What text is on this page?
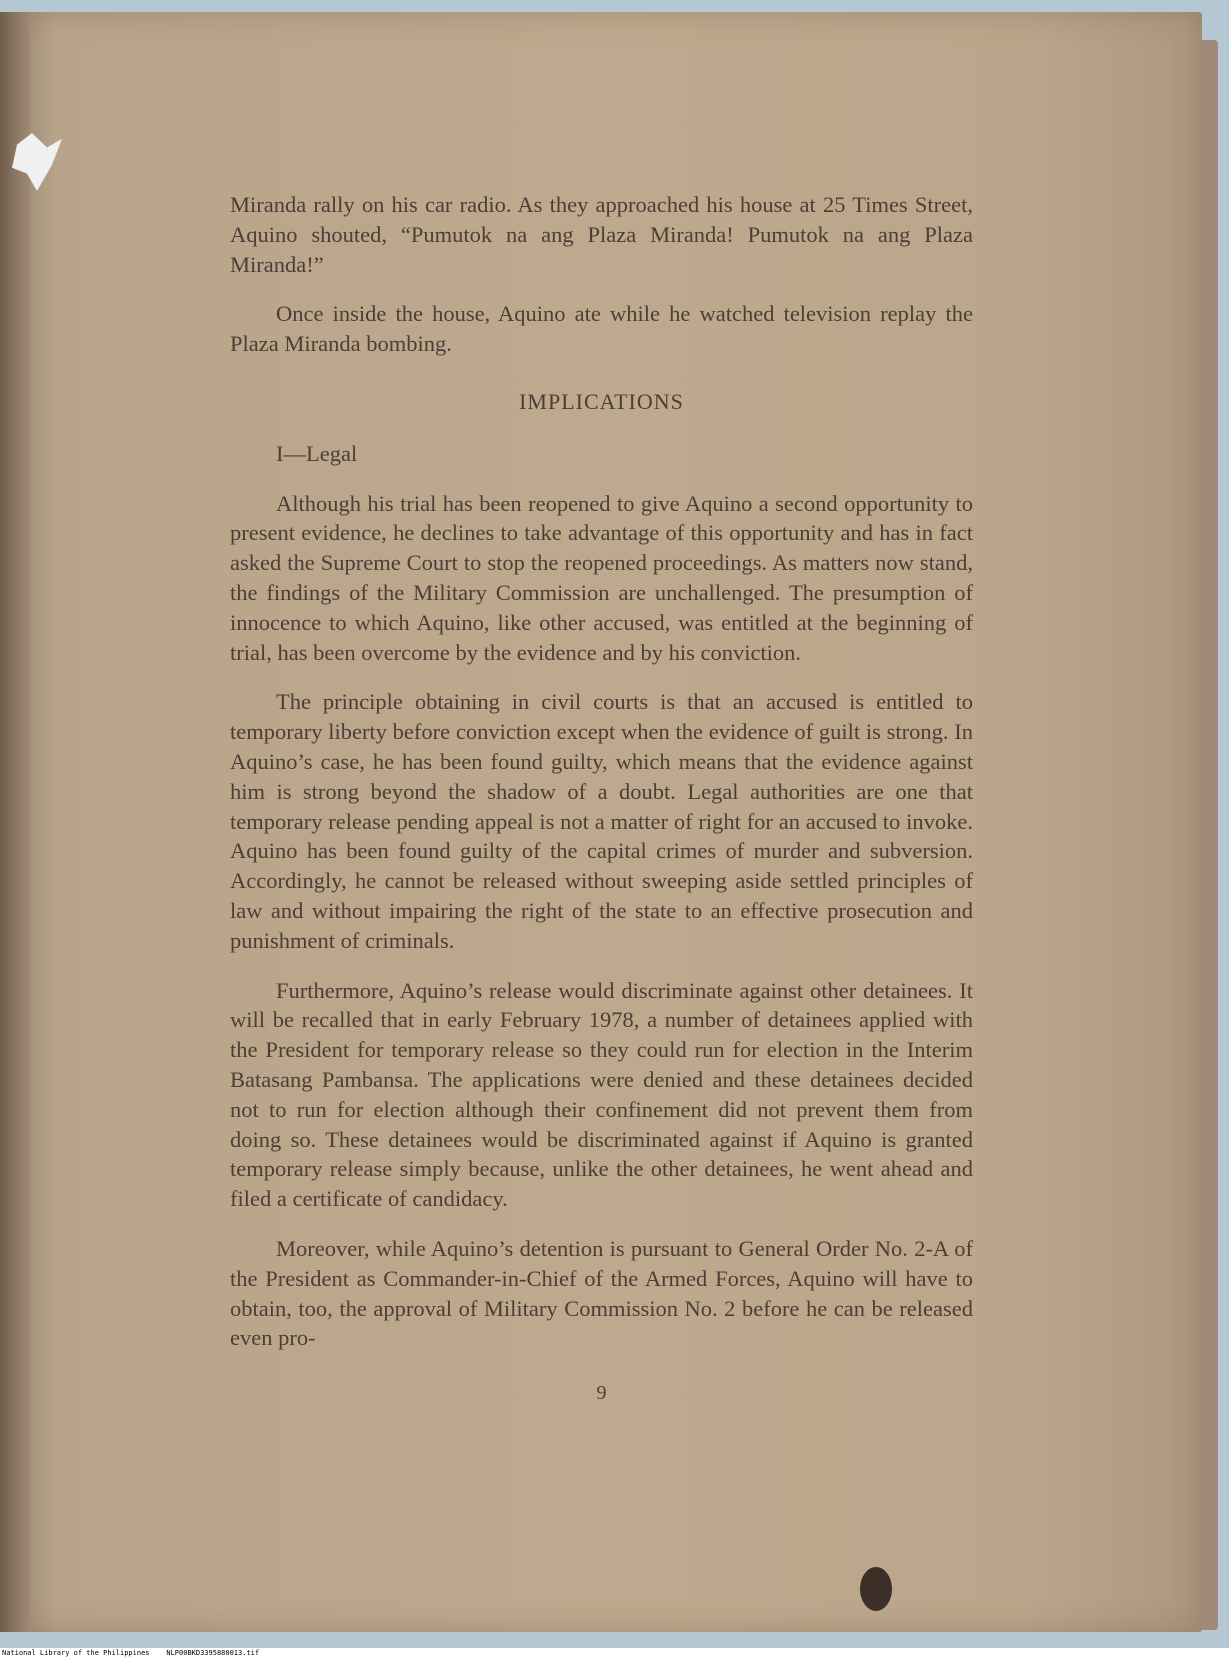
Miranda rally on his car radio. As they approached his house at 25 Times Street, Aquino shouted, “Pumutok na ang Plaza Miranda! Pumutok na ang Plaza Miranda!”

Once inside the house, Aquino ate while he watched television replay the Plaza Miranda bombing.

IMPLICATIONS
I—Legal

Although his trial has been reopened to give Aquino a second opportunity to present evidence, he declines to take advantage of this opportunity and has in fact asked the Supreme Court to stop the reopened proceedings. As matters now stand, the findings of the Military Commission are unchallenged. The presumption of innocence to which Aquino, like other accused, was entitled at the beginning of trial, has been overcome by the evidence and by his conviction.

The principle obtaining in civil courts is that an accused is entitled to temporary liberty before conviction except when the evidence of guilt is strong. In Aquino’s case, he has been found guilty, which means that the evidence against him is strong beyond the shadow of a doubt. Legal authorities are one that temporary release pending appeal is not a matter of right for an accused to invoke. Aquino has been found guilty of the capital crimes of murder and subversion. Accordingly, he cannot be released without sweeping aside settled principles of law and without impairing the right of the state to an effective prosecution and punishment of criminals.

Furthermore, Aquino’s release would discriminate against other detainees. It will be recalled that in early February 1978, a number of detainees applied with the President for temporary release so they could run for election in the Interim Batasang Pambansa. The applications were denied and these detainees decided not to run for election although their confinement did not prevent them from doing so. These detainees would be discriminated against if Aquino is granted temporary release simply because, unlike the other detainees, he went ahead and filed a certificate of candidacy.

Moreover, while Aquino’s detention is pursuant to General Order No. 2-A of the President as Commander-in-Chief of the Armed Forces, Aquino will have to obtain, too, the approval of Military Commission No. 2 before he can be released even pro-

9
National Library of the Philippines NLP00BKD3395880013.tif
